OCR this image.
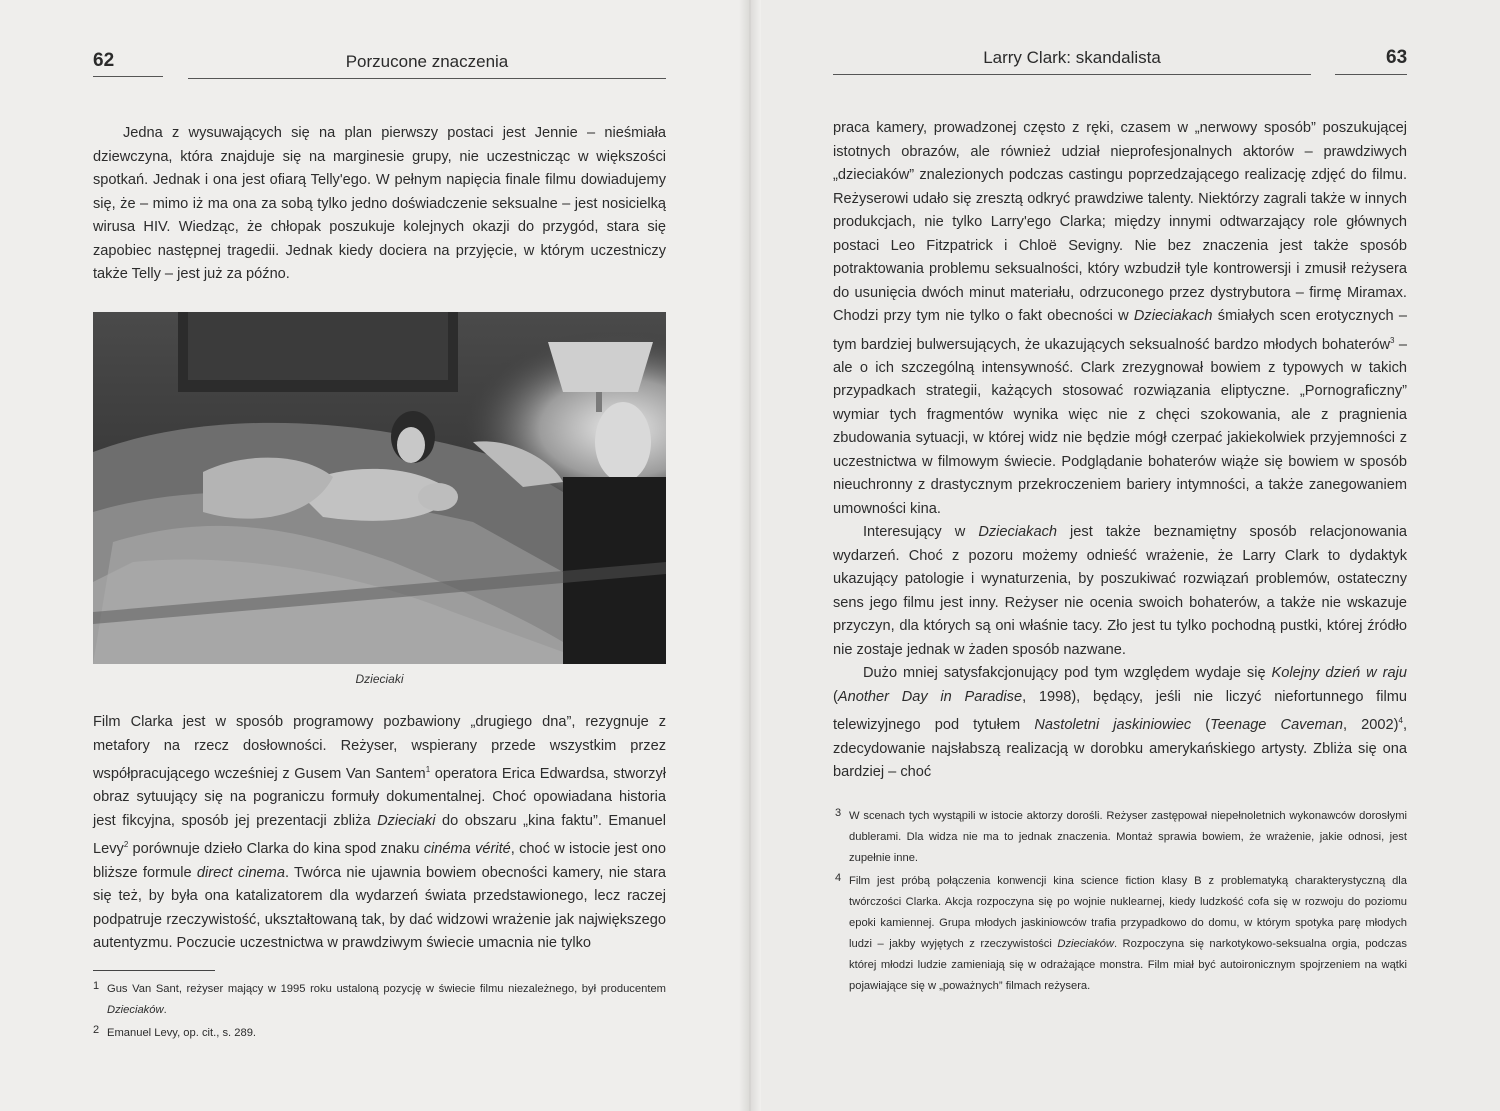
62	Porzucone znaczenia

Jedna z wysuwających się na plan pierwszy postaci jest Jennie – nieśmiała dziewczyna, która znajduje się na marginesie grupy, nie uczestnicząc w większości spotkań. Jednak i ona jest ofiarą Telly'ego. W pełnym napięcia finale filmu dowiadujemy się, że – mimo iż ma ona za sobą tylko jedno doświadczenie seksualne – jest nosicielką wirusa HIV. Wiedząc, że chłopak poszukuje kolejnych okazji do przygód, stara się zapobiec następnej tragedii. Jednak kiedy dociera na przyjęcie, w którym uczestniczy także Telly – jest już za późno.

Dzieciaki

Film Clarka jest w sposób programowy pozbawiony „drugiego dna”, rezygnuje z metafory na rzecz dosłowności. Reżyser, wspierany przede wszystkim przez współpracującego wcześniej z Gusem Van Santem$^1$ operatora Erica Edwardsa, stworzył obraz sytuujący się na pograniczu formuły dokumentalnej. Choć opowiadana historia jest fikcyjna, sposób jej prezentacji zbliża Dzieciaki do obszaru „kina faktu”. Emanuel Levy$^2$ porównuje dzieło Clarka do kina spod znaku cinéma vérité, choć w istocie jest ono bliższe formule direct cinema. Twórca nie ujawnia bowiem obecności kamery, nie stara się też, by była ona katalizatorem dla wydarzeń świata przedstawionego, lecz raczej podpatruje rzeczywistość, ukształtowaną tak, by dać widzowi wrażenie jak największego autentyzmu. Poczucie uczestnictwa w prawdziwym świecie umacnia nie tylko

1 Gus Van Sant, reżyser mający w 1995 roku ustaloną pozycję w świecie filmu niezależnego, był producentem Dzieciaków.

2 Emanuel Levy, op. cit., s. 289.

Larry Clark: skandalista	63

praca kamery, prowadzonej często z ręki, czasem w „nerwowy sposób” poszukującej istotnych obrazów, ale również udział nieprofesjonalnych aktorów – prawdziwych „dzieciaków” znalezionych podczas castingu poprzedzającego realizację zdjęć do filmu. Reżyserowi udało się zresztą odkryć prawdziwe talenty. Niektórzy zagrali także w innych produkcjach, nie tylko Larry'ego Clarka; między innymi odtwarzający role głównych postaci Leo Fitzpatrick i Chloë Sevigny. Nie bez znaczenia jest także sposób potraktowania problemu seksualności, który wzbudził tyle kontrowersji i zmusił reżysera do usunięcia dwóch minut materiału, odrzuconego przez dystrybutora – firmę Miramax. Chodzi przy tym nie tylko o fakt obecności w Dzieciakach śmiałych scen erotycznych – tym bardziej bulwersujących, że ukazujących seksualność bardzo młodych bohaterów$^3$ – ale o ich szczególną intensywność. Clark zrezygnował bowiem z typowych w takich przypadkach strategii, każących stosować rozwiązania eliptyczne. „Pornograficzny” wymiar tych fragmentów wynika więc nie z chęci szokowania, ale z pragnienia zbudowania sytuacji, w której widz nie będzie mógł czerpać jakiekolwiek przyjemności z uczestnictwa w filmowym świecie. Podglądanie bohaterów wiąże się bowiem w sposób nieuchronny z drastycznym przekroczeniem bariery intymności, a także zanegowaniem umowności kina.

Interesujący w Dzieciakach jest także beznamiętny sposób relacjonowania wydarzeń. Choć z pozoru możemy odnieść wrażenie, że Larry Clark to dydaktyk ukazujący patologie i wynaturzenia, by poszukiwać rozwiązań problemów, ostateczny sens jego filmu jest inny. Reżyser nie ocenia swoich bohaterów, a także nie wskazuje przyczyn, dla których są oni właśnie tacy. Zło jest tu tylko pochodną pustki, której źródło nie zostaje jednak w żaden sposób nazwane.

Dużo mniej satysfakcjonujący pod tym względem wydaje się Kolejny dzień w raju (Another Day in Paradise, 1998), będący, jeśli nie liczyć niefortunnego filmu telewizyjnego pod tytułem Nastoletni jaskiniowiec (Teenage Caveman, 2002)$^4$, zdecydowanie najsłabszą realizacją w dorobku amerykańskiego artysty. Zbliża się ona bardziej – choć

3 W scenach tych wystąpili w istocie aktorzy dorośli. Reżyser zastępował niepełnoletnich wykonawców dorosłymi dublerami. Dla widza nie ma to jednak znaczenia. Montaż sprawia bowiem, że wrażenie, jakie odnosi, jest zupełnie inne.

4 Film jest próbą połączenia konwencji kina science fiction klasy B z problematyką charakterystyczną dla twórczości Clarka. Akcja rozpoczyna się po wojnie nuklearnej, kiedy ludzkość cofa się w rozwoju do poziomu epoki kamiennej. Grupa młodych jaskiniowców trafia przypadkowo do domu, w którym spotyka parę młodych ludzi – jakby wyjętych z rzeczywistości Dzieciaków. Rozpoczyna się narkotykowo-seksualna orgia, podczas której młodzi ludzie zamieniają się w odrażające monstra. Film miał być autoironicznym spojrzeniem na wątki pojawiające się w „poważnych” filmach reżysera.
